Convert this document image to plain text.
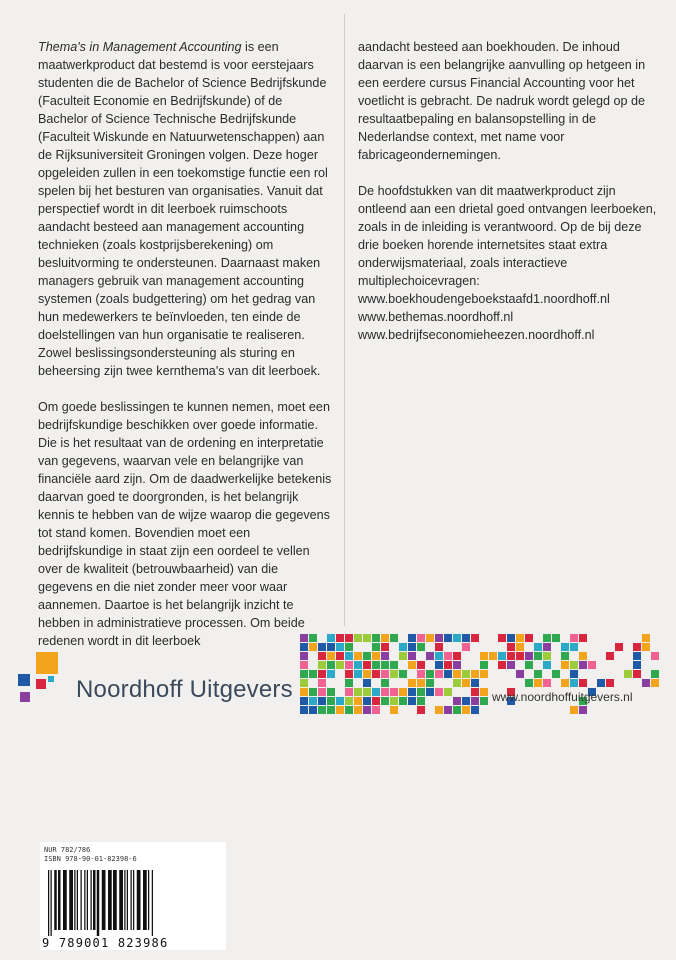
Thema's in Management Accounting is een maatwerkproduct dat bestemd is voor eerstejaars studenten die de Bachelor of Science Bedrijfskunde (Faculteit Economie en Bedrijfskunde) of de Bachelor of Science Technische Bedrijfskunde (Faculteit Wiskunde en Natuurwetenschappen) aan de Rijksuniversiteit Groningen volgen. Deze hoger opgeleiden zullen in een toekomstige functie een rol spelen bij het besturen van organisaties. Vanuit dat perspectief wordt in dit leerboek ruimschoots aandacht besteed aan management accounting technieken (zoals kostprijsberekening) om besluitvorming te ondersteunen. Daarnaast maken managers gebruik van management accounting systemen (zoals budgettering) om het gedrag van hun medewerkers te beïnvloeden, ten einde de doelstellingen van hun organisatie te realiseren. Zowel beslissingsondersteuning als sturing en beheersing zijn twee kernthema's van dit leerboek.

Om goede beslissingen te kunnen nemen, moet een bedrijfskundige beschikken over goede informatie. Die is het resultaat van de ordening en interpretatie van gegevens, waarvan vele en belangrijke van financiële aard zijn. Om de daadwerkelijke betekenis daarvan goed te doorgronden, is het belangrijk kennis te hebben van de wijze waarop die gegevens tot stand komen. Bovendien moet een bedrijfskundige in staat zijn een oordeel te vellen over de kwaliteit (betrouwbaarheid) van die gegevens en die niet zonder meer voor waar aannemen. Daartoe is het belangrijk inzicht te hebben in administratieve processen. Om beide redenen wordt in dit leerboek

aandacht besteed aan boekhouden. De inhoud daarvan is een belangrijke aanvulling op hetgeen in een eerdere cursus Financial Accounting voor het voetlicht is gebracht. De nadruk wordt gelegd op de resultaatbepaling en balansopstelling in de Nederlandse context, met name voor fabricageondernemingen.

De hoofdstukken van dit maatwerkproduct zijn ontleend aan een drietal goed ontvangen leerboeken, zoals in de inleiding is verantwoord. Op de bij deze drie boeken horende internetsites staat extra onderwijsmateriaal, zoals interactieve multiplechoicevragen:
www.boekhoudengeboekstaafd1.noordhoff.nl
www.bethemas.noordhoff.nl
www.bedrijfseconomieheezen.noordhoff.nl

Noordhoff Uitgevers	www.noordhoffuitgevers.nl
NUR 782/786
ISBN 978-90-01-82398-6
9 789001 823986
